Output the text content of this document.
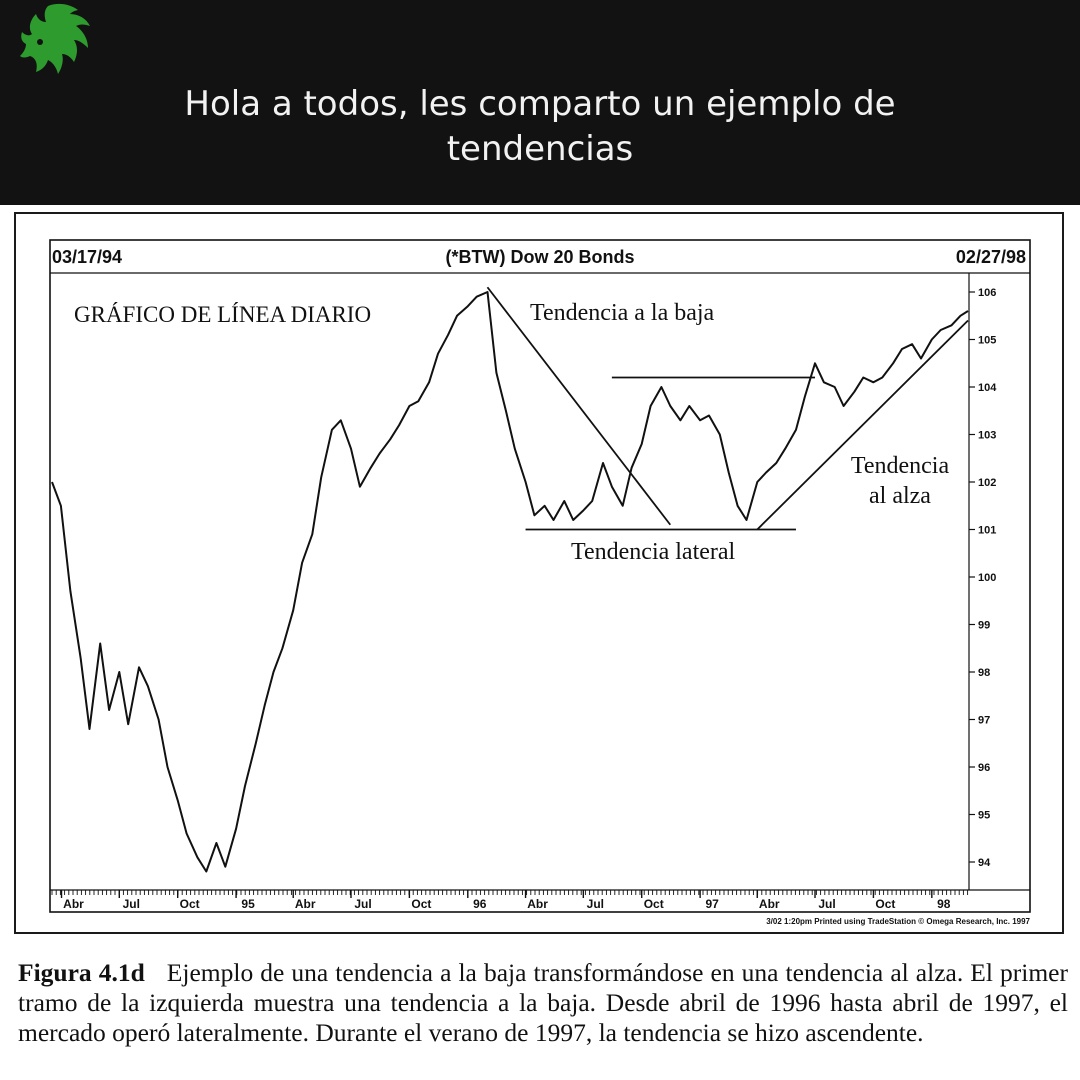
Hola a todos, les comparto un ejemplo de
tendencias
03/17/94	(*BTW) Dow 20 Bonds	02/27/98
GRÁFICO DE LÍNEA DIARIO
106
105
104
103
102
101
100
99
98
97
96
95
94
Abr	Jul	Oct	95	Abr	Jul	Oct	96	Abr	Jul	Oct	97	Abr	Jul	Oct	98
Tendencia a la baja
Tendencia lateral
Tendencia
al alza
3/02 1:20pm Printed using TradeStation © Omega Research, Inc. 1997
Figura 4.1d Ejemplo de una tendencia a la baja transformándose en una tendencia al alza. El primer tramo de la izquierda muestra una tendencia a la baja. Desde abril de 1996 hasta abril de 1997, el mercado operó lateralmente. Durante el verano de 1997, la tendencia se hizo ascendente.
